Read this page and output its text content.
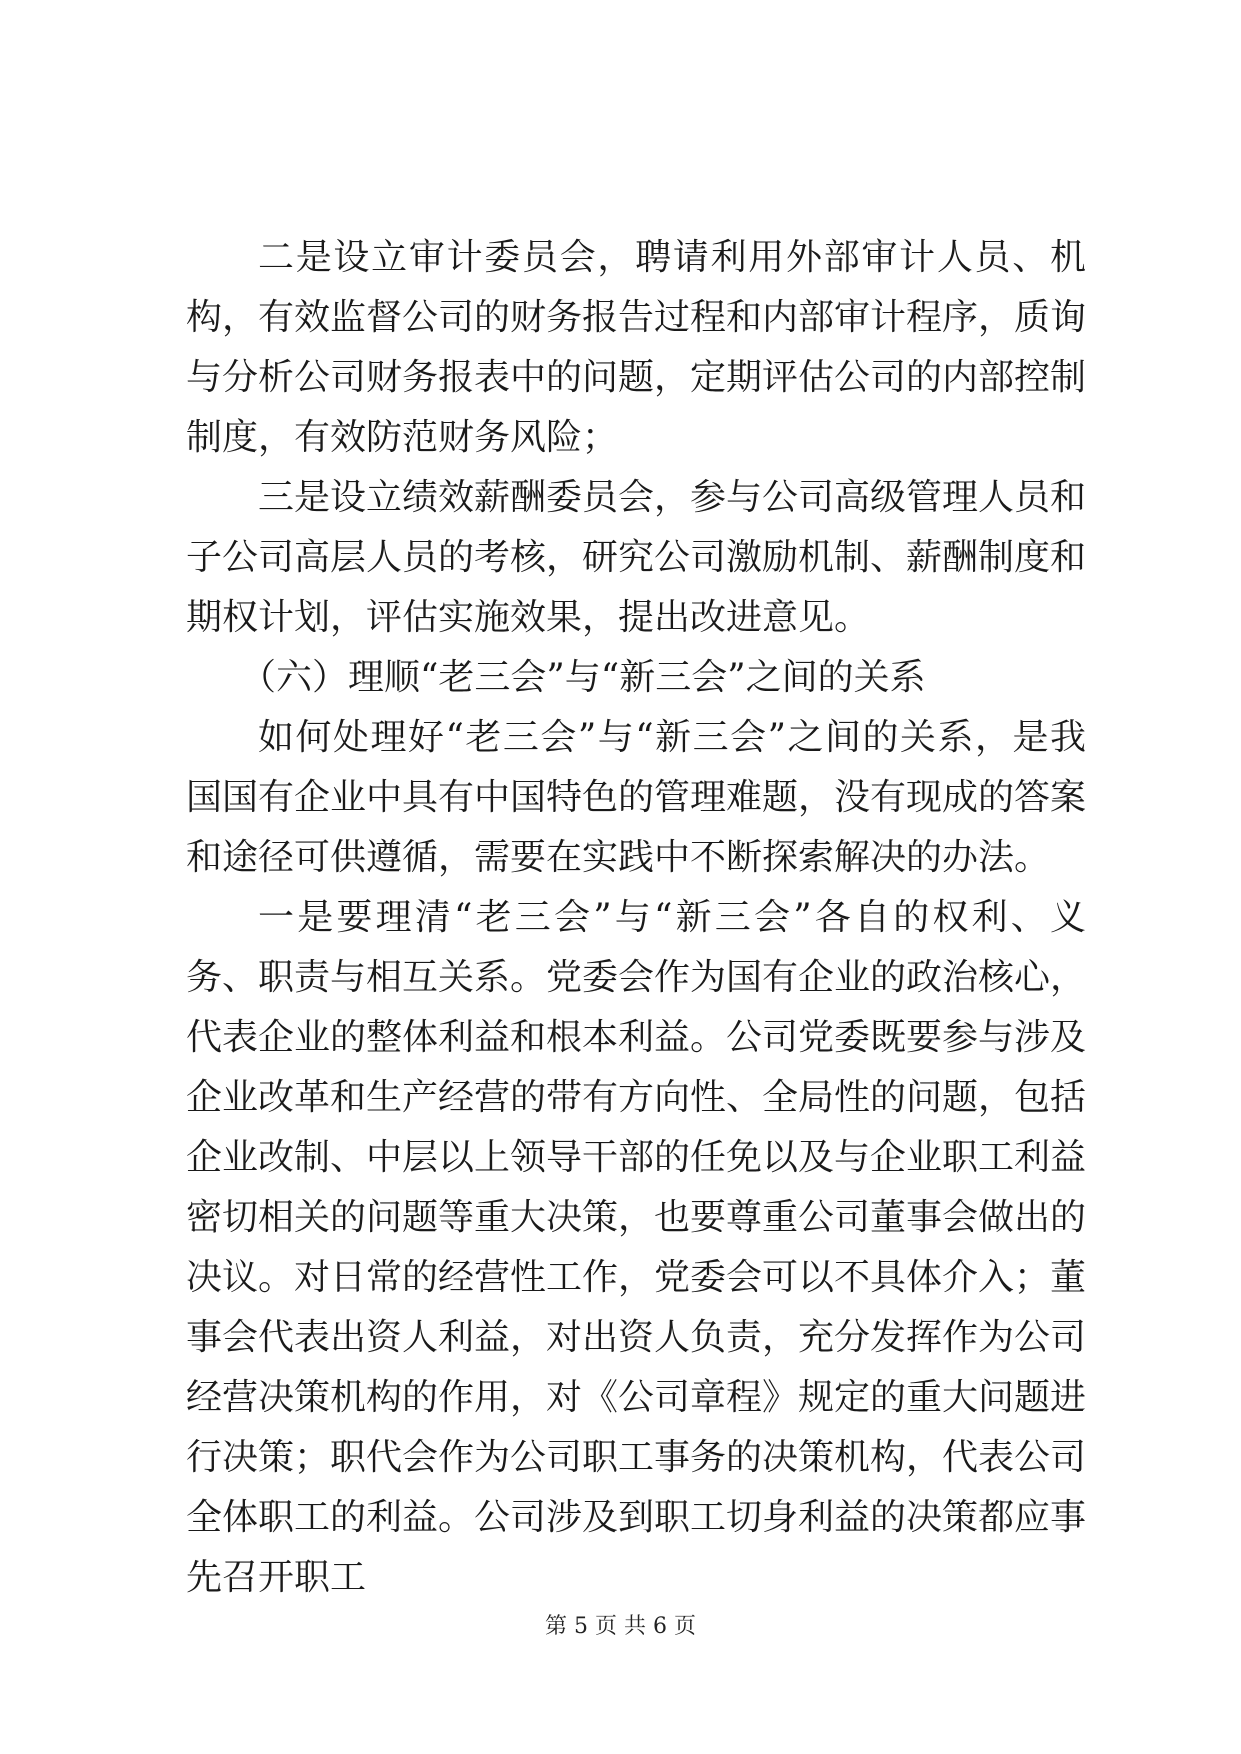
二是设立审计委员会，聘请利用外部审计人员、机构，有效监督公司的财务报告过程和内部审计程序，质询与分析公司财务报表中的问题，定期评估公司的内部控制制度，有效防范财务风险；

三是设立绩效薪酬委员会，参与公司高级管理人员和子公司高层人员的考核，研究公司激励机制、薪酬制度和期权计划，评估实施效果，提出改进意见。

（六）理顺“老三会”与“新三会”之间的关系

如何处理好“老三会”与“新三会”之间的关系，是我国国有企业中具有中国特色的管理难题，没有现成的答案和途径可供遵循，需要在实践中不断探索解决的办法。

一是要理清“老三会”与“新三会”各自的权利、义务、职责与相互关系。党委会作为国有企业的政治核心，代表企业的整体利益和根本利益。公司党委既要参与涉及企业改革和生产经营的带有方向性、全局性的问题，包括企业改制、中层以上领导干部的任免以及与企业职工利益密切相关的问题等重大决策，也要尊重公司董事会做出的决议。对日常的经营性工作，党委会可以不具体介入；董事会代表出资人利益，对出资人负责，充分发挥作为公司经营决策机构的作用，对《公司章程》规定的重大问题进行决策；职代会作为公司职工事务的决策机构，代表公司全体职工的利益。公司涉及到职工切身利益的决策都应事先召开职工

第 5 页 共 6 页
